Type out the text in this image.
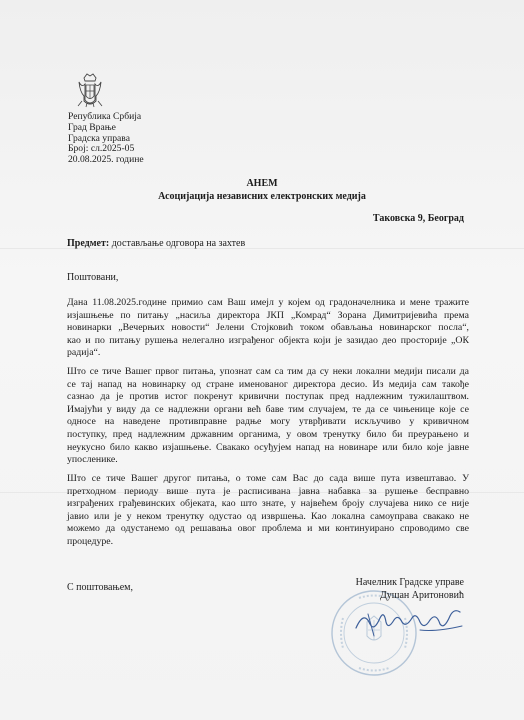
Република Србија
Град Врање
Градска управа
Број: сл.2025-05
20.08.2025. године
АНЕМ
Асоцијација независних електронских медија
Таковска 9, Београд
Предмет: достављање одговора на захтев
Поштовани,
Дана 11.08.2025.године примио сам Ваш имејл у којем од градоначелника и мене тражите
изјашњење по питању „насиља директора ЈКП „Комрад“ Зорана Димитријевића према
новинарки „Вечерњих новости“ Јелени Стојковић током обављања новинарског посла“,
као и по питању рушења нелегално изграђеног објекта који је зазидао део просторије „ОК
радија“.
Што се тиче Вашег првог питања, упознат сам са тим да су неки локални медији писали да
се тај напад на новинарку од стране именованог директора десио. Из медија сам такође
сазнао да је против истог покренут кривични поступак пред надлежним тужилаштвом.
Имајући у виду да се надлежни органи већ баве тим случајем, те да се чињенице које се
односе на наведене противправне радње могу утврђивати искључиво у кривичном
поступку, пред надлежним државним органима, у овом тренутку било би преурањено и
неукусно било какво изјашњење. Свакако осуђујем напад на новинаре или било које јавне
упосленике.
Што се тиче Вашег другог питања, о томе сам Вас до сада више пута извештавао. У
претходном периоду више пута је расписивана јавна набавка за рушење бесправно
изграђених грађевинских објеката, као што знате, у највећем броју случајева нико се није
јавио или је у неком тренутку одустао од извршења. Као локална самоуправа свакако не
можемо да одустанемо од решавања овог проблема и ми континуирано спроводимо све
процедуре.
С поштовањем,	Начелник Градске управе
Душан Аритоновић
